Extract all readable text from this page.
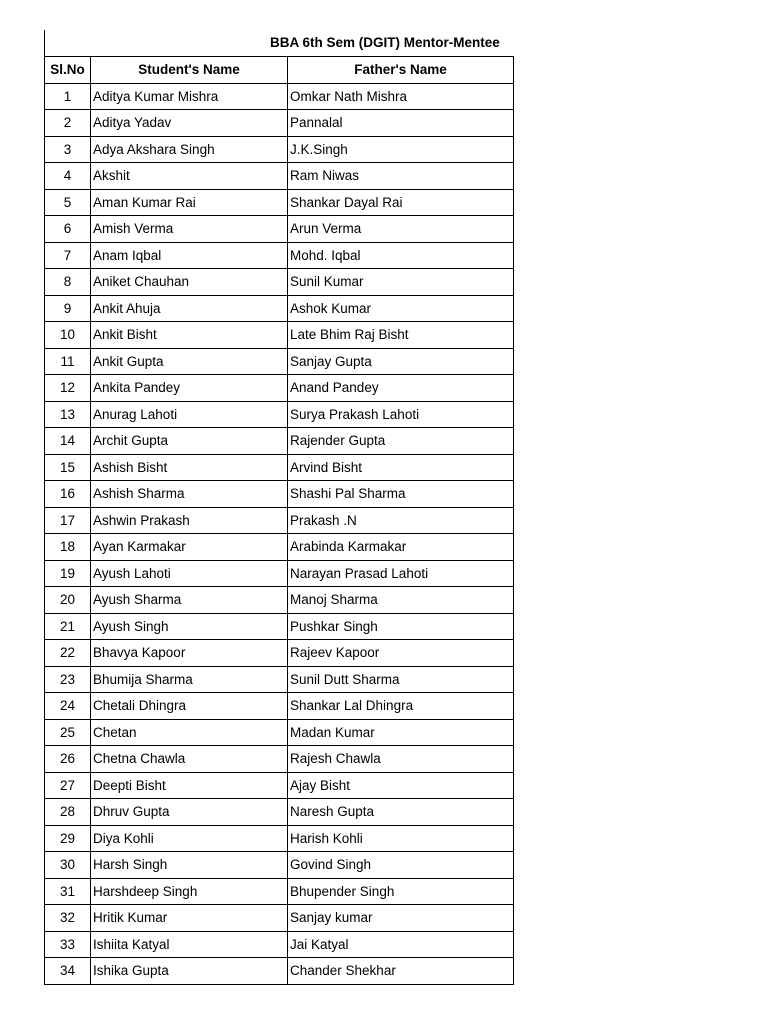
BBA 6th Sem (DGIT) Mentor-Mentee
Sl.No	Student's Name	Father's Name
1	Aditya Kumar Mishra	Omkar Nath Mishra
2	Aditya Yadav	Pannalal
3	Adya Akshara Singh	J.K.Singh
4	Akshit	Ram Niwas
5	Aman Kumar Rai	Shankar Dayal Rai
6	Amish Verma	Arun Verma
7	Anam Iqbal	Mohd. Iqbal
8	Aniket Chauhan	Sunil Kumar
9	Ankit Ahuja	Ashok Kumar
10	Ankit Bisht	Late Bhim Raj Bisht
11	Ankit Gupta	Sanjay Gupta
12	Ankita Pandey	Anand Pandey
13	Anurag Lahoti	Surya Prakash Lahoti
14	Archit Gupta	Rajender Gupta
15	Ashish Bisht	Arvind Bisht
16	Ashish Sharma	Shashi Pal Sharma
17	Ashwin Prakash	Prakash .N
18	Ayan Karmakar	Arabinda Karmakar
19	Ayush Lahoti	Narayan Prasad Lahoti
20	Ayush Sharma	Manoj Sharma
21	Ayush Singh	Pushkar Singh
22	Bhavya Kapoor	Rajeev Kapoor
23	Bhumija Sharma	Sunil Dutt Sharma
24	Chetali Dhingra	Shankar Lal Dhingra
25	Chetan	Madan Kumar
26	Chetna Chawla	Rajesh Chawla
27	Deepti Bisht	Ajay Bisht
28	Dhruv Gupta	Naresh Gupta
29	Diya Kohli	Harish Kohli
30	Harsh Singh	Govind Singh
31	Harshdeep Singh	Bhupender Singh
32	Hritik Kumar	Sanjay kumar
33	Ishiita Katyal	Jai Katyal
34	Ishika Gupta	Chander Shekhar
